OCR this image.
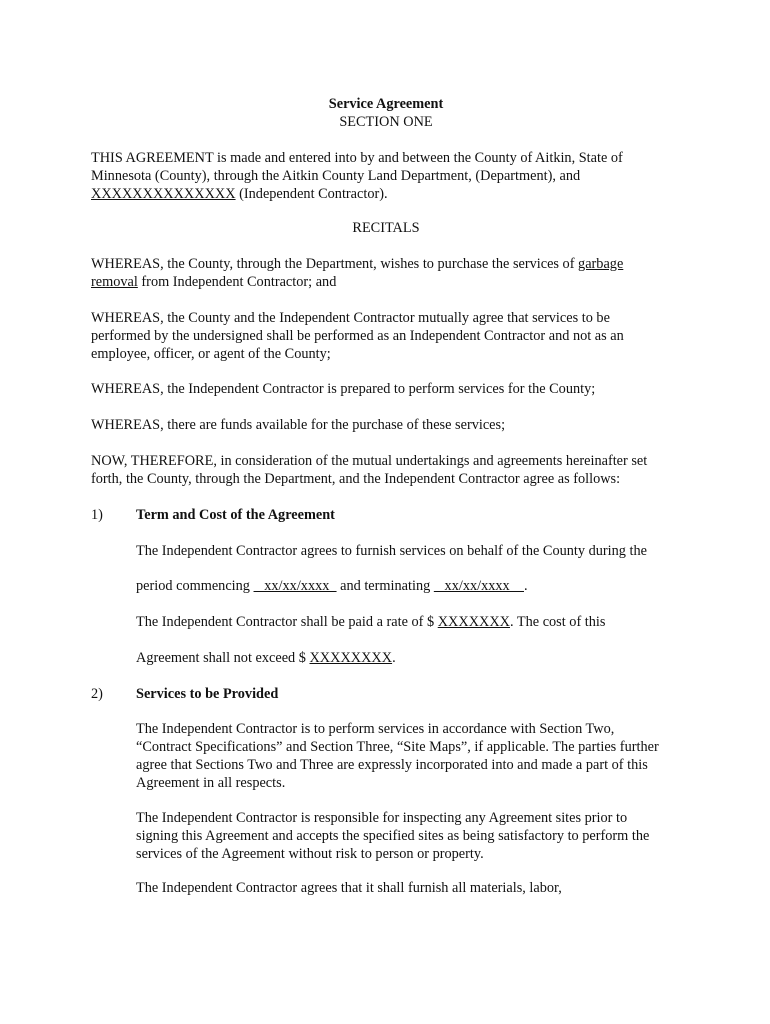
Service Agreement

SECTION ONE

THIS AGREEMENT is made and entered into by and between the County of Aitkin, State of Minnesota (County), through the Aitkin County Land Department, (Department), and XXXXXXXXXXXXXX (Independent Contractor).

RECITALS

WHEREAS, the County, through the Department, wishes to purchase the services of garbage removal from Independent Contractor; and

WHEREAS, the County and the Independent Contractor mutually agree that services to be performed by the undersigned shall be performed as an Independent Contractor and not as an employee, officer, or agent of the County;

WHEREAS, the Independent Contractor is prepared to perform services for the County;

WHEREAS, there are funds available for the purchase of these services;

NOW, THEREFORE, in consideration of the mutual undertakings and agreements hereinafter set forth, the County, through the Department, and the Independent Contractor agree as follows:

1) Term and Cost of the Agreement

The Independent Contractor agrees to furnish services on behalf of the County during the

period commencing    xx/xx/xxxx   and terminating    xx/xx/xxxx    .

The Independent Contractor shall be paid a rate of $ XXXXXXX. The cost of this

Agreement shall not exceed $ XXXXXXXX.

2) Services to be Provided

The Independent Contractor is to perform services in accordance with Section Two, “Contract Specifications” and Section Three, “Site Maps”, if applicable. The parties further agree that Sections Two and Three are expressly incorporated into and made a part of this Agreement in all respects.

The Independent Contractor is responsible for inspecting any Agreement sites prior to signing this Agreement and accepts the specified sites as being satisfactory to perform the services of the Agreement without risk to person or property.

The Independent Contractor agrees that it shall furnish all materials, labor,
